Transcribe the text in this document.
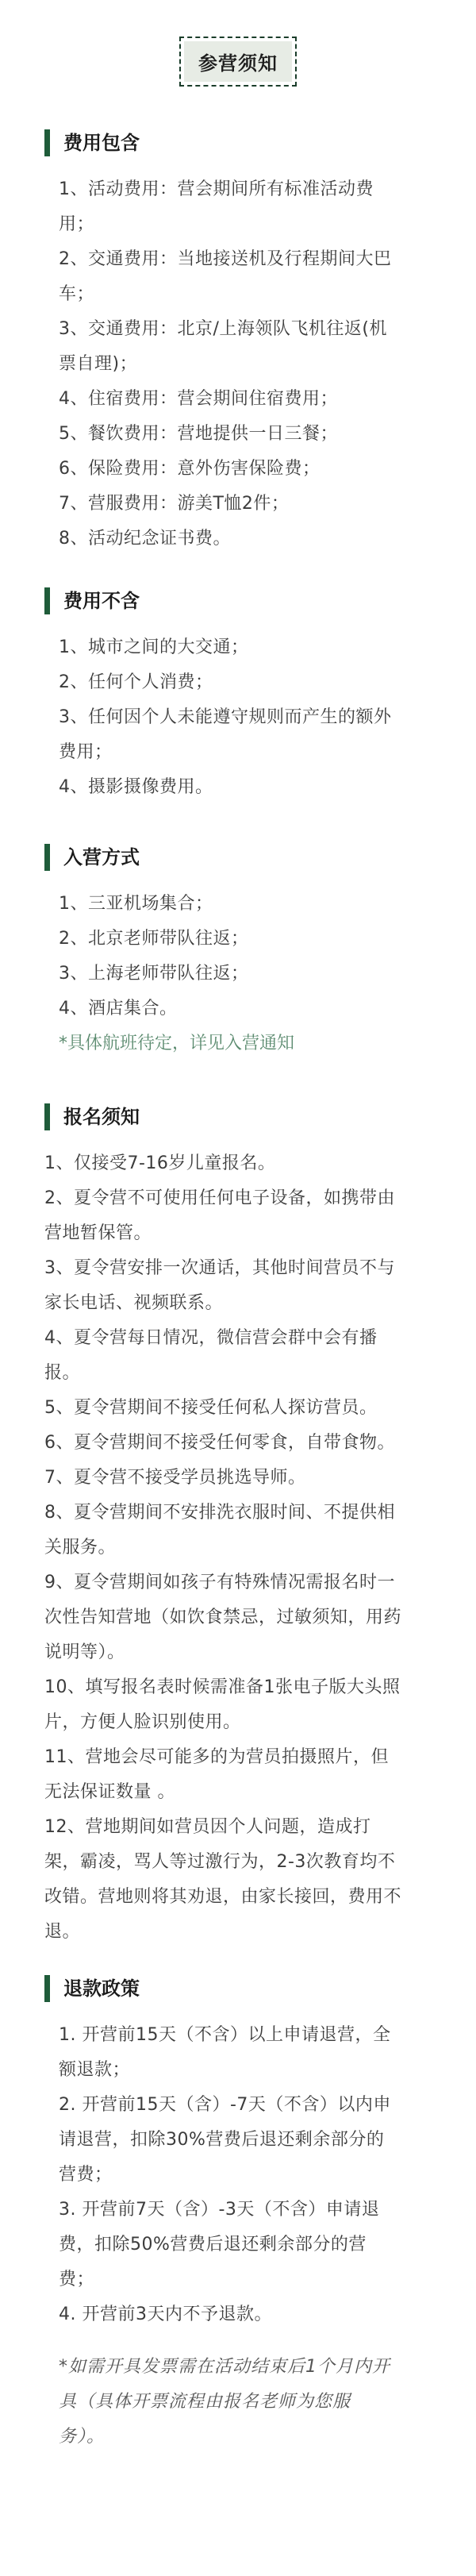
参营须知
费用包含
1、活动费用：营会期间所有标准活动费
用；
2、交通费用：当地接送机及行程期间大巴
车；
3、交通费用：北京/上海领队飞机往返(机
票自理)；
4、住宿费用：营会期间住宿费用；
5、餐饮费用：营地提供一日三餐；
6、保险费用：意外伤害保险费；
7、营服费用：游美T恤2件；
8、活动纪念证书费。
费用不含
1、城市之间的大交通；
2、任何个人消费；
3、任何因个人未能遵守规则而产生的额外
费用；
4、摄影摄像费用。
入营方式
1、三亚机场集合；
2、北京老师带队往返；
3、上海老师带队往返；
4、酒店集合。
*具体航班待定，详见入营通知
报名须知
1、仅接受7-16岁儿童报名。
2、夏令营不可使用任何电子设备，如携带由
营地暂保管。
3、夏令营安排一次通话，其他时间营员不与
家长电话、视频联系。
4、夏令营每日情况，微信营会群中会有播
报。
5、夏令营期间不接受任何私人探访营员。
6、夏令营期间不接受任何零食，自带食物。
7、夏令营不接受学员挑选导师。
8、夏令营期间不安排洗衣服时间、不提供相
关服务。
9、夏令营期间如孩子有特殊情况需报名时一
次性告知营地（如饮食禁忌，过敏须知，用药
说明等）。
10、填写报名表时候需准备1张电子版大头照
片，方便人脸识别使用。
11、营地会尽可能多的为营员拍摄照片，但
无法保证数量 。
12、营地期间如营员因个人问题，造成打
架，霸凌，骂人等过激行为，2-3次教育均不
改错。营地则将其劝退，由家长接回，费用不
退。
退款政策
1. 开营前15天（不含）以上申请退营，全
额退款；
2. 开营前15天（含）-7天（不含）以内申
请退营，扣除30%营费后退还剩余部分的
营费；
3. 开营前7天（含）-3天（不含）申请退
费，扣除50%营费后退还剩余部分的营
费；
4. 开营前3天内不予退款。
*如需开具发票需在活动结束后1个月内开
具（具体开票流程由报名老师为您服
务）。
